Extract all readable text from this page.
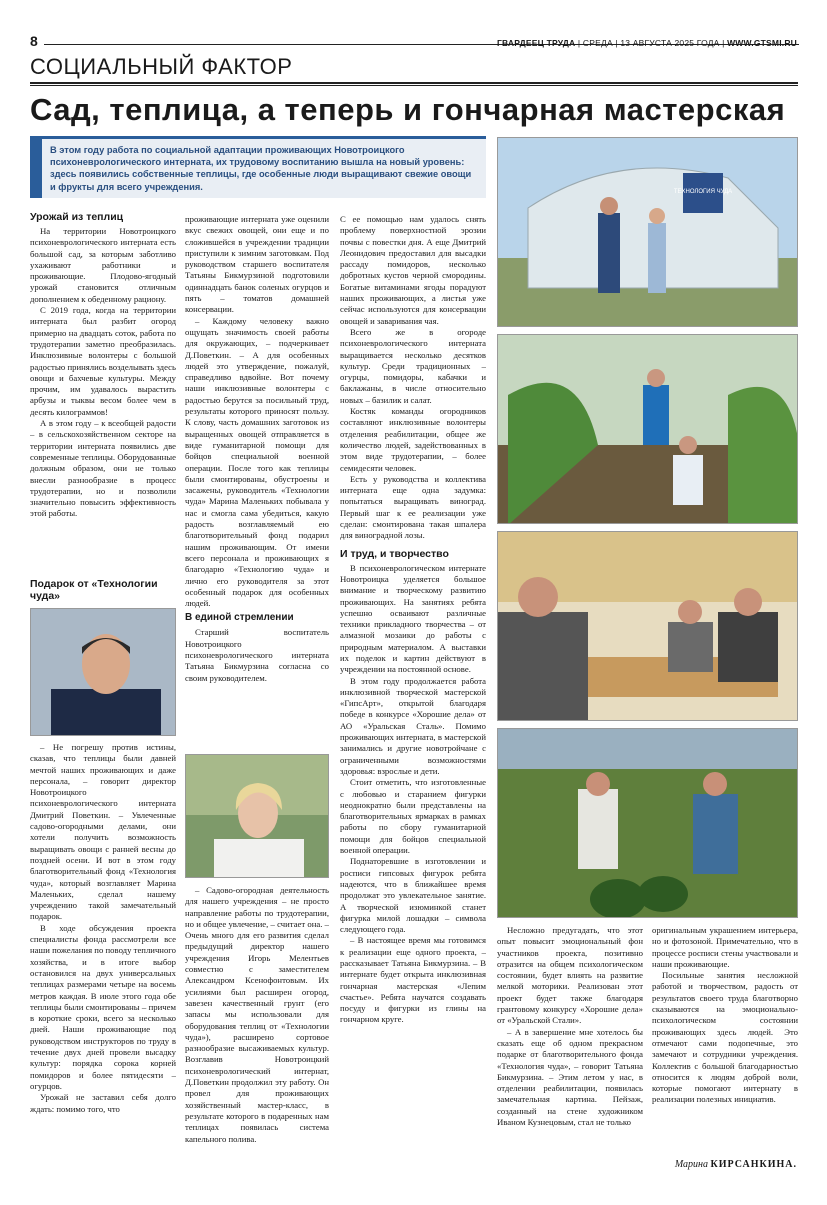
8	ГВАРДЕЕЦ ТРУДА | СРЕДА | 13 АВГУСТА 2025 ГОДА | WWW.GTSMI.RU
СОЦИАЛЬНЫЙ ФАКТОР
Сад, теплица, а теперь и гончарная мастерская
В этом году работа по социальной адаптации проживающих Новотроицкого психоневрологического интерната, их трудовому воспитанию вышла на новый уровень: здесь появились собственные теплицы, где особенные люди выращивают свежие овощи и фрукты для всего учреждения.
Урожай из теплиц

На территории Новотроицкого психоневрологического интерната есть большой сад, за которым заботливо ухаживают работники и проживающие. Плодово-ягодный урожай становится отличным дополнением к обеденному рациону.

С 2019 года, когда на территории интерната был разбит огород примерно на двадцать соток, работа по трудотерапии заметно преобразилась. Инклюзивные волонтеры с большой радостью принялись возделывать здесь овощи и бахчевые культуры. Между прочим, им удавалось вырастить арбузы и тыквы весом более чем в десять килограммов!

А в этом году – к всеобщей радости – в сельскохозяйственном секторе на территории интерната появились две современные теплицы. Оборудованные должным образом, они не только внесли разнообразие в процесс трудотерапии, но и позволили значительно повысить эффективность этой работы.

Подарок от «Технологии чуда»

– Не погрешу против истины, сказав, что теплицы были давней мечтой наших проживающих и даже персонала, – говорит директор Новотроицкого психоневрологического интерната Дмитрий Поветкин. – Увлеченные садово-огородными делами, они хотели получить возможность выращивать овощи с ранней весны до поздней осени. И вот в этом году благотворительный фонд «Технология чуда», который возглавляет Марина Маленьких, сделал нашему учреждению такой замечательный подарок.

В ходе обсуждения проекта специалисты фонда рассмотрели все наши пожелания по поводу тепличного хозяйства, и в итоге выбор остановился на двух универсальных теплицах размерами четыре на восемь метров каждая. В июле этого года обе теплицы были смонтированы – причем в короткие сроки, всего за несколько дней. Наши проживающие под руководством инструкторов по труду в течение двух дней провели высадку культур: порядка сорока корней помидоров и более пятидесяти – огурцов.

Урожай не заставил себя долго ждать: помимо того, что

проживающие интерната уже оценили вкус свежих овощей, они еще и по сложившейся в учреждении традиции приступили к зимним заготовкам. Под руководством старшего воспитателя Татьяны Бикмурзиной подготовили одиннадцать банок соленых огурцов и пять – томатов домашней консервации.

– Каждому человеку важно ощущать значимость своей работы для окружающих, – подчеркивает Д.Поветкин. – А для особенных людей это утверждение, пожалуй, справедливо вдвойне. Вот почему наши инклюзивные волонтеры с радостью берутся за посильный труд, результаты которого приносят пользу. К слову, часть домашних заготовок из выращенных овощей отправляется в виде гуманитарной помощи для бойцов специальной военной операции. После того как теплицы были смонтированы, обустроены и засажены, руководитель «Технологии чуда» Марина Маленьких побывала у нас и смогла сама убедиться, какую радость возглавляемый ею благотворительный фонд подарил нашим проживающим. От имени всего персонала и проживающих я благодарю «Технологию чуда» и лично его руководителя за этот особенный подарок для особенных людей.

В единой стремлении

Старший воспитатель Новотроицкого психоневрологического интерната Татьяна Бикмурзина согласна со своим руководителем.

– Садово-огородная деятельность для нашего учреждения – не просто направление работы по трудотерапии, но и общее увлечение, – считает она. – Очень много для его развития сделал предыдущий директор нашего учреждения Игорь Мелентьев совместно с заместителем Александром Ксенофонтовым. Их усилиями был расширен огород, завезен качественный грунт (его запасы мы использовали для оборудования теплиц от «Технологии чуда»), расширено сортовое разнообразие высаживаемых культур. Возглавив Новотроицкий психоневрологический интернат, Д.Поветкин продолжил эту работу. Он провел для проживающих хозяйственный мастер-класс, в результате которого в подаренных нам теплицах появилась система капельного полива.

С ее помощью нам удалось снять проблему поверхностной эрозии почвы с повестки дня. А еще Дмитрий Леонидович предоставил для высадки рассаду помидоров, несколько добротных кустов черной смородины. Богатые витаминами ягоды порадуют наших проживающих, а листья уже сейчас используются для консервации овощей и заваривания чая.

Всего же в огороде психоневрологического интерната выращивается несколько десятков культур. Среди традиционных – огурцы, помидоры, кабачки и баклажаны, в числе относительно новых – базилик и салат.

Костяк команды огородников составляют инклюзивные волонтеры отделения реабилитации, общее же количество людей, задействованных в этом виде трудотерапии, – более семидесяти человек.

Есть у руководства и коллектива интерната еще одна задумка: попытаться выращивать виноград. Первый шаг к ее реализации уже сделан: смонтирована такая шпалера для виноградной лозы.

И труд, и творчество

В психоневрологическом интернате Новотроицка уделяется большое внимание и творческому развитию проживающих. На занятиях ребята успешно осваивают различные техники прикладного творчества – от алмазной мозаики до работы с природным материалом. А выставки их поделок и картин действуют в учреждении на постоянной основе.

В этом году продолжается работа инклюзивной творческой мастерской «ГипсАрт», открытой благодаря победе в конкурсе «Хорошие дела» от АО «Уральская Сталь». Помимо проживающих интерната, в мастерской занимались и другие новотройчане с ограниченными возможностями здоровья: взрослые и дети.

Стоит отметить, что изготовленные с любовью и старанием фигурки неоднократно были представлены на благотворительных ярмарках в рамках работы по сбору гуманитарной помощи для бойцов специальной военной операции.

Поднаторевшие в изготовлении и росписи гипсовых фигурок ребята надеются, что в ближайшее время продолжат это увлекательное занятие. А творческой изюминкой станет фигурка милой лошадки – символа следующего года.

– В настоящее время мы готовимся к реализации еще одного проекта, – рассказывает Татьяна Бикмурзина. – В интернате будет открыта инклюзивная гончарная мастерская «Лепим счастье». Ребята научатся создавать посуду и фигурки из глины на гончарном круге.

ТЕХНОЛОГИЯ ЧУДА

Несложно предугадать, что этот опыт повысит эмоциональный фон участников проекта, позитивно отразится на общем психологическом состоянии, будет влиять на развитие мелкой моторики. Реализован этот проект будет также благодаря грантовому конкурсу «Хорошие дела» от «Уральской Стали».

– А в завершение мне хотелось бы сказать еще об одном прекрасном подарке от благотворительного фонда «Технология чуда», – говорит Татьяна Бикмурзина. – Этим летом у нас, в отделении реабилитации, появилась замечательная картина. Пейзаж, созданный на стене художником Иваном Кузнецовым, стал не только

оригинальным украшением интерьера, но и фотозоной. Примечательно, что в процессе росписи стены участвовали и наши проживающие.

Посильные занятия несложной работой и творчеством, радость от результатов своего труда благотворно сказываются на эмоционально-психологическом состоянии проживающих здесь людей. Это отмечают сами подопечные, это замечают и сотрудники учреждения. Коллектив с большой благодарностью относится к людям доброй воли, которые помогают интернату в реализации полезных инициатив.

Марина КИРСАНКИНА.
